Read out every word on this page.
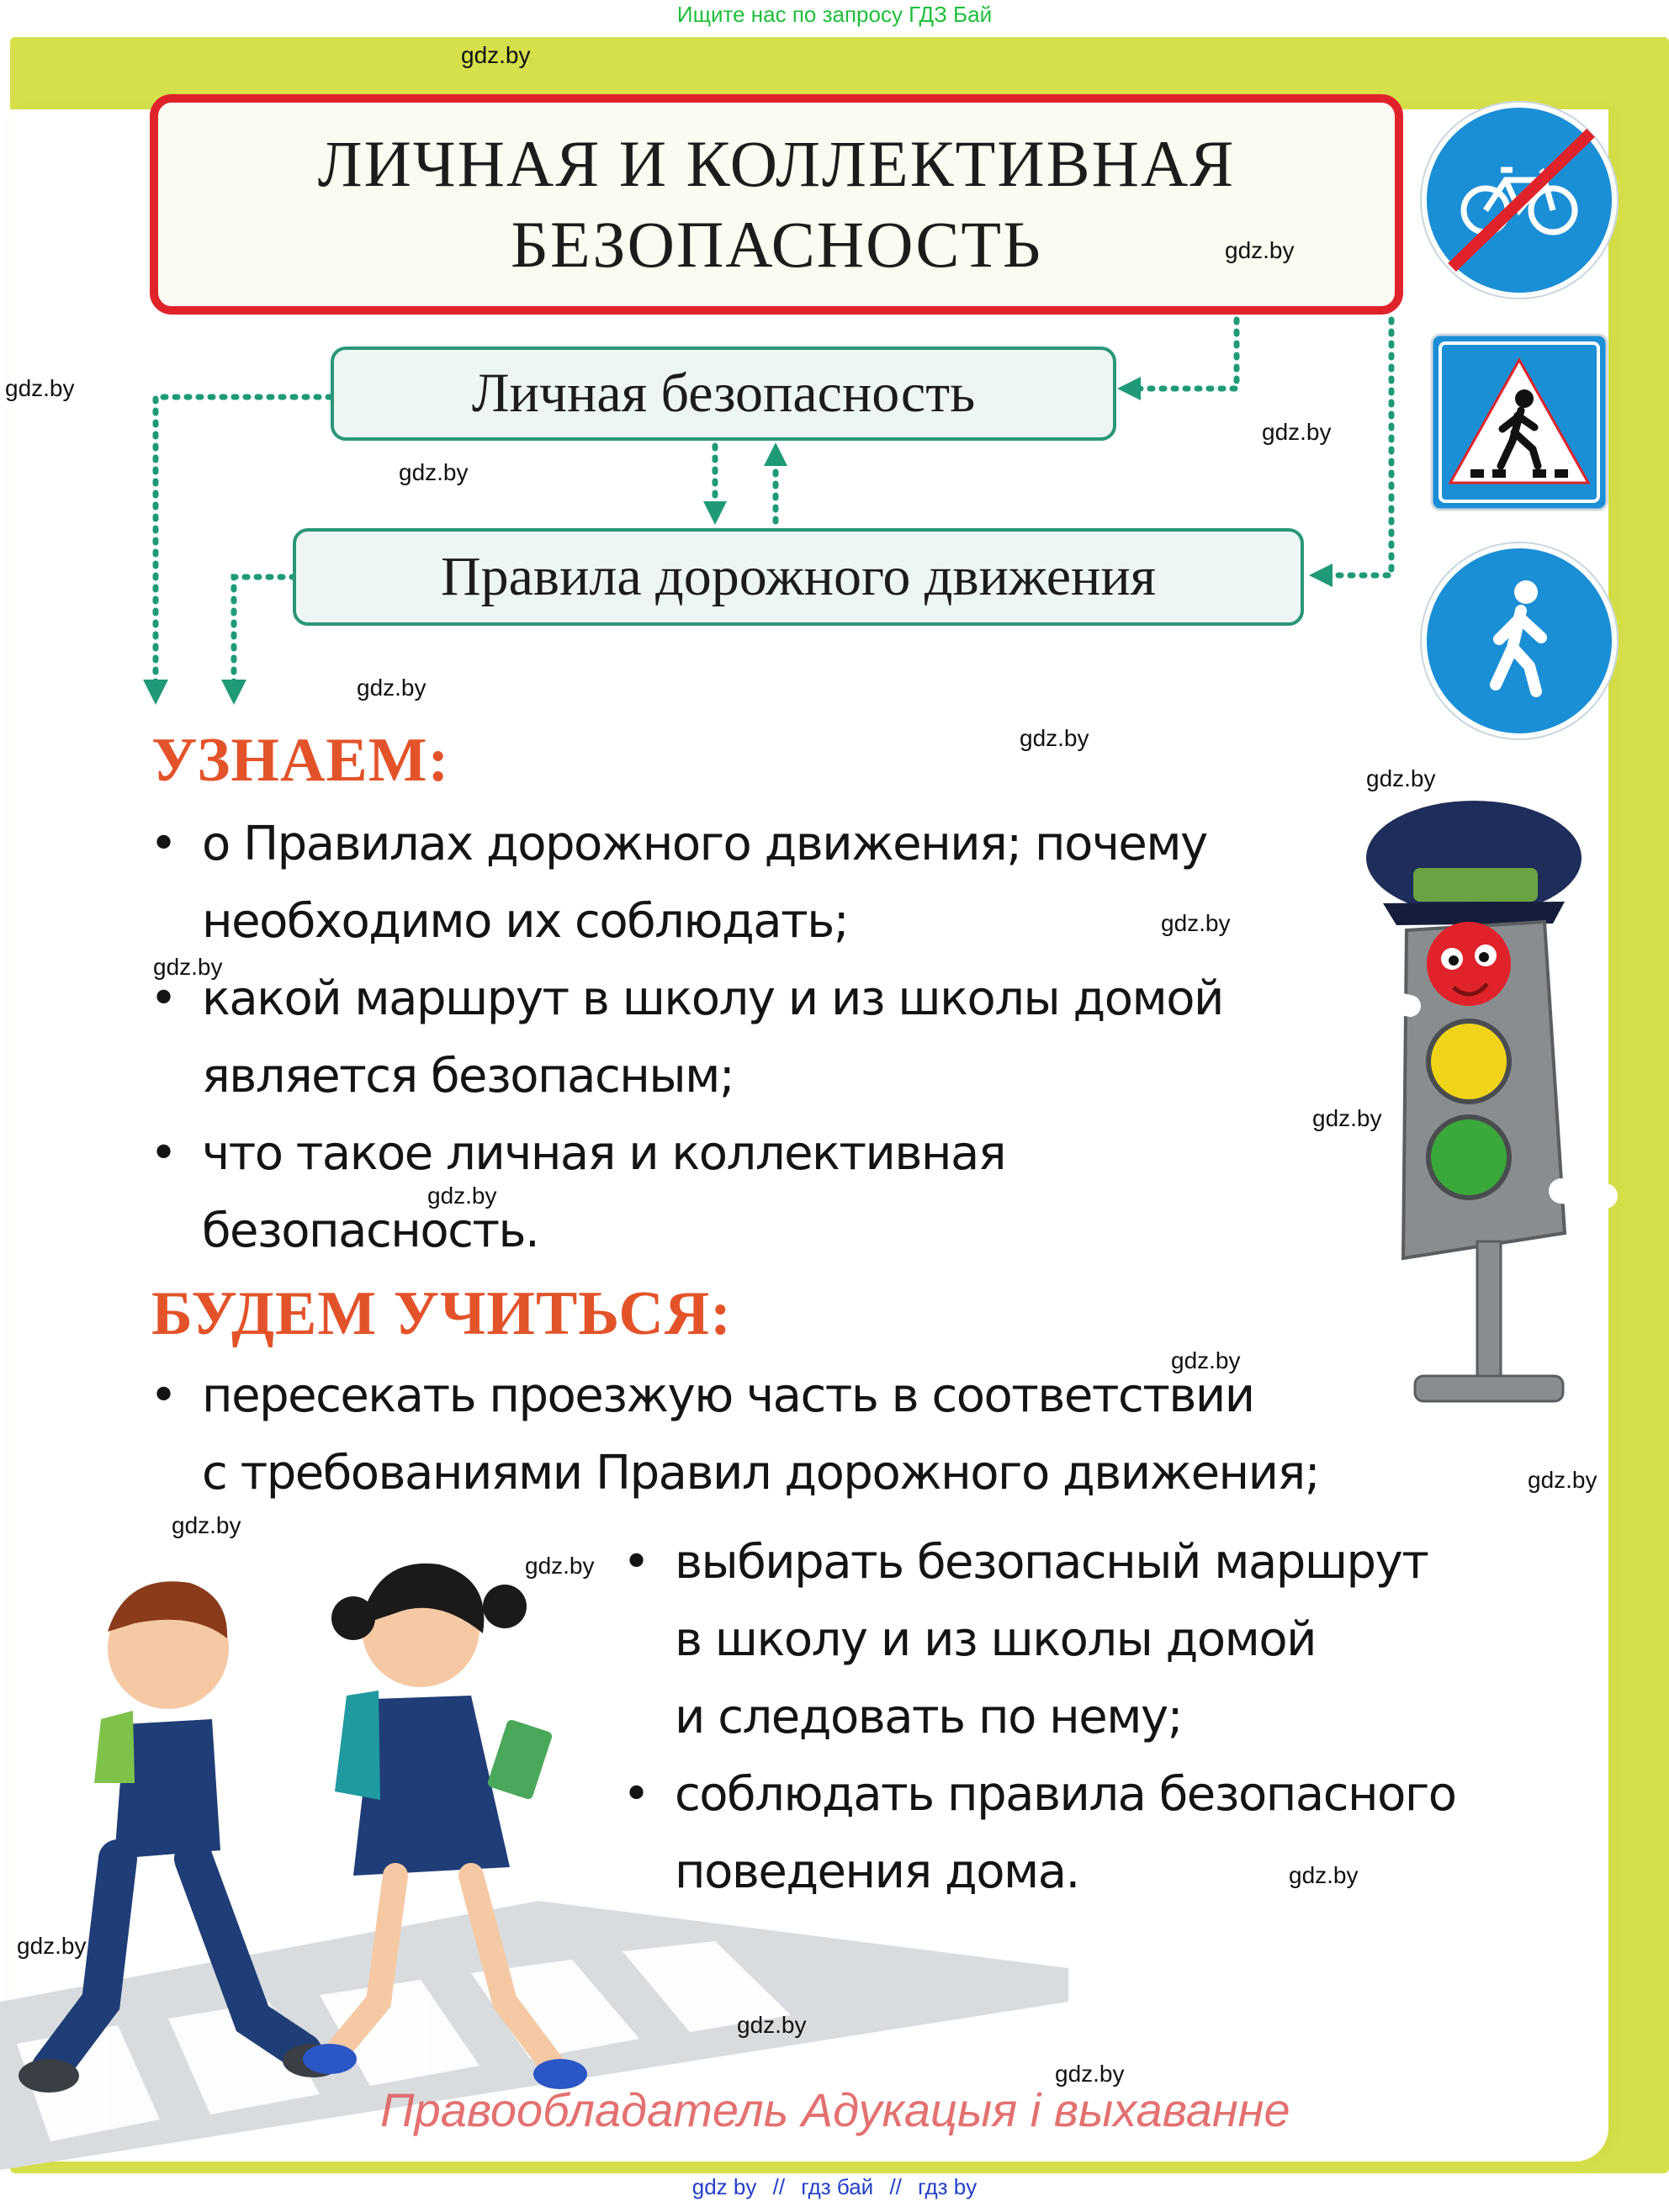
Ищите нас по запросу ГДЗ Бай
ЛИЧНАЯ И КОЛЛЕКТИВНАЯ
БЕЗОПАСНОСТЬ
Личная безопасность
Правила дорожного движения
УЗНАЕМ:
• о Правилах дорожного движения; почему
необходимо их соблюдать;
• какой маршрут в школу и из школы домой
является безопасным;
• что такое личная и коллективная
безопасность.
БУДЕМ УЧИТЬСЯ:
• пересекать проезжую часть в соответствии
с требованиями Правил дорожного движения;
• выбирать безопасный маршрут
в школу и из школы домой
и следовать по нему;
• соблюдать правила безопасного
поведения дома.
gdz.by
gdz.by
gdz.by
gdz.by
gdz.by
gdz.by
gdz.by
gdz.by
gdz.by
gdz.by
gdz.by
gdz.by
gdz.by
gdz.by
gdz.by
gdz.by
gdz.by
gdz.by
gdz.by
gdz.by
Правообладатель Адукацыя і выхаванне
gdz by // гдз бай // гдз by
